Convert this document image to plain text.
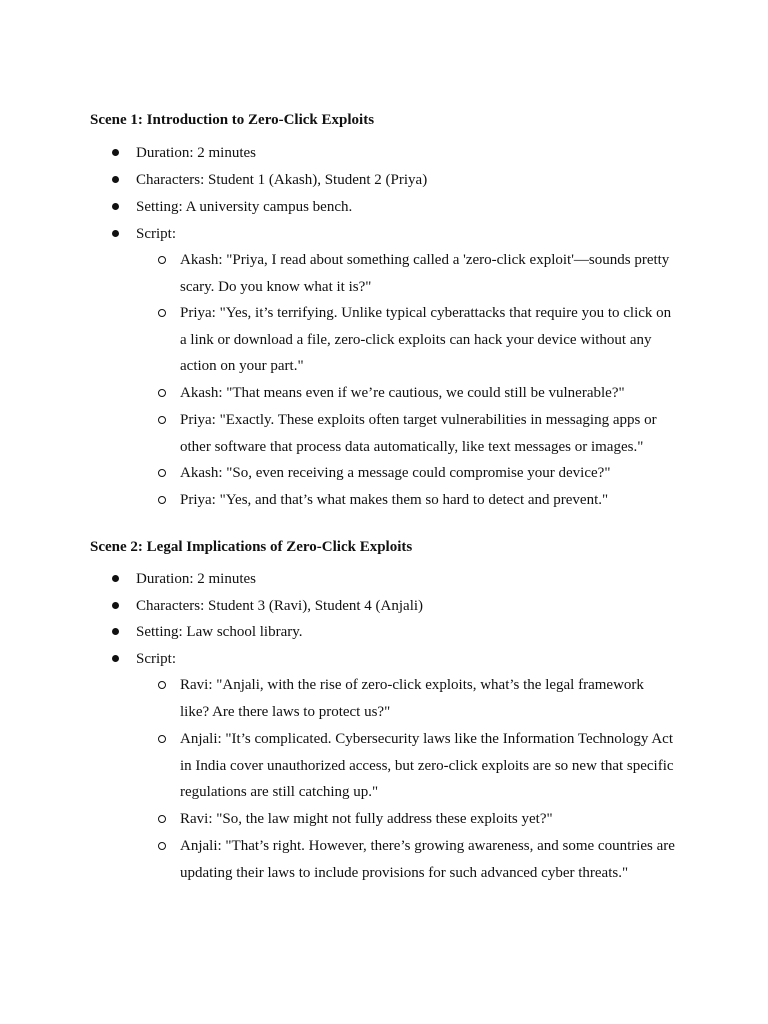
Scene 1: Introduction to Zero-Click Exploits
Duration: 2 minutes
Characters: Student 1 (Akash), Student 2 (Priya)
Setting: A university campus bench.
Script:
Akash: "Priya, I read about something called a 'zero-click exploit'—sounds pretty
scary. Do you know what it is?"
Priya: "Yes, it’s terrifying. Unlike typical cyberattacks that require you to click on
a link or download a file, zero-click exploits can hack your device without any
action on your part."
Akash: "That means even if we’re cautious, we could still be vulnerable?"
Priya: "Exactly. These exploits often target vulnerabilities in messaging apps or
other software that process data automatically, like text messages or images."
Akash: "So, even receiving a message could compromise your device?"
Priya: "Yes, and that’s what makes them so hard to detect and prevent."
Scene 2: Legal Implications of Zero-Click Exploits
Duration: 2 minutes
Characters: Student 3 (Ravi), Student 4 (Anjali)
Setting: Law school library.
Script:
Ravi: "Anjali, with the rise of zero-click exploits, what’s the legal framework
like? Are there laws to protect us?"
Anjali: "It’s complicated. Cybersecurity laws like the Information Technology Act
in India cover unauthorized access, but zero-click exploits are so new that specific
regulations are still catching up."
Ravi: "So, the law might not fully address these exploits yet?"
Anjali: "That’s right. However, there’s growing awareness, and some countries are
updating their laws to include provisions for such advanced cyber threats."
